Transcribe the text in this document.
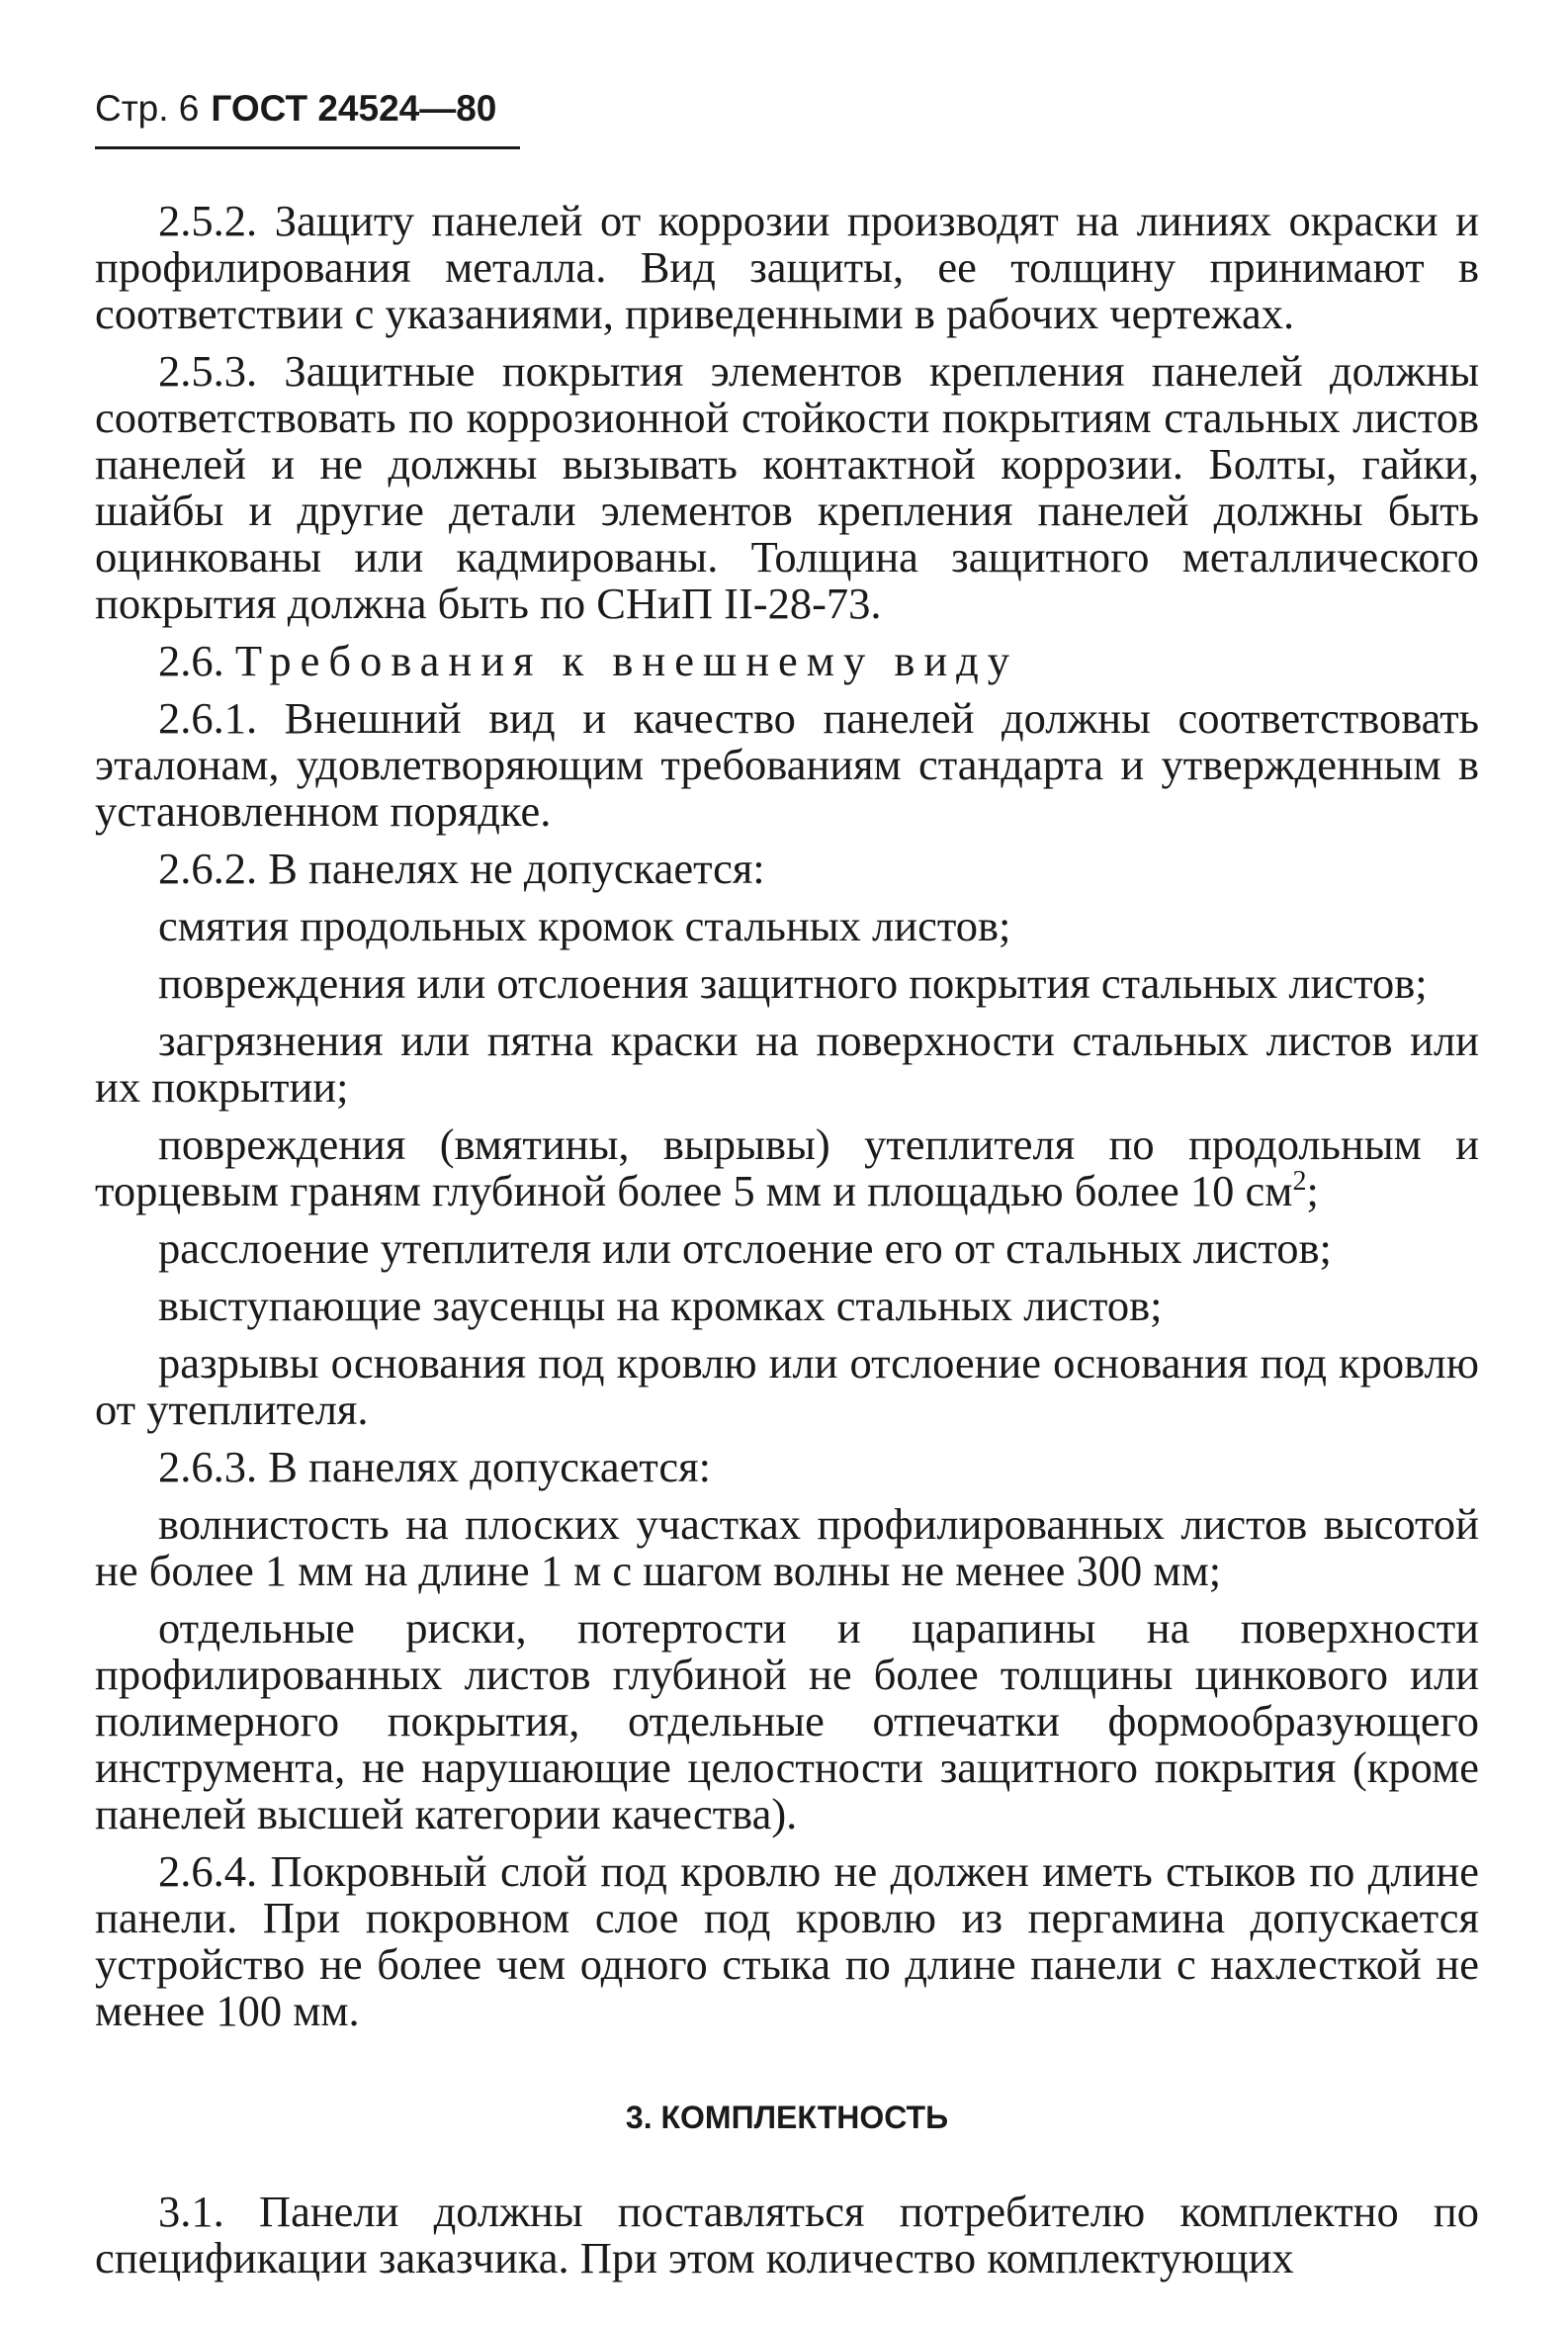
Стр. 6 ГОСТ 24524—80

2.5.2. Защиту панелей от коррозии производят на линиях окраски и профилирования металла. Вид защиты, ее толщину принимают в соответствии с указаниями, приведенными в рабочих чертежах.

2.5.3. Защитные покрытия элементов крепления панелей должны соответствовать по коррозионной стойкости покрытиям стальных листов панелей и не должны вызывать контактной коррозии. Болты, гайки, шайбы и другие детали элементов крепления панелей должны быть оцинкованы или кадмированы. Толщина защитного металлического покрытия должна быть по СНиП II-28-73.

2.6. Требования к внешнему виду

2.6.1. Внешний вид и качество панелей должны соответствовать эталонам, удовлетворяющим требованиям стандарта и утвержденным в установленном порядке.

2.6.2. В панелях не допускается:

смятия продольных кромок стальных листов;

повреждения или отслоения защитного покрытия стальных листов;

загрязнения или пятна краски на поверхности стальных листов или их покрытии;

повреждения (вмятины, вырывы) утеплителя по продольным и торцевым граням глубиной более 5 мм и площадью более 10 $см^2$;

расслоение утеплителя или отслоение его от стальных листов;

выступающие заусенцы на кромках стальных листов;

разрывы основания под кровлю или отслоение основания под кровлю от утеплителя.

2.6.3. В панелях допускается:

волнистость на плоских участках профилированных листов высотой не более 1 мм на длине 1 м с шагом волны не менее 300 мм;

отдельные риски, потертости и царапины на поверхности профилированных листов глубиной не более толщины цинкового или полимерного покрытия, отдельные отпечатки формообразующего инструмента, не нарушающие целостности защитного покрытия (кроме панелей высшей категории качества).

2.6.4. Покровный слой под кровлю не должен иметь стыков по длине панели. При покровном слое под кровлю из пергамина допускается устройство не более чем одного стыка по длине панели с нахлесткой не менее 100 мм.

3. КОМПЛЕКТНОСТЬ

3.1. Панели должны поставляться потребителю комплектно по спецификации заказчика. При этом количество комплектующих
